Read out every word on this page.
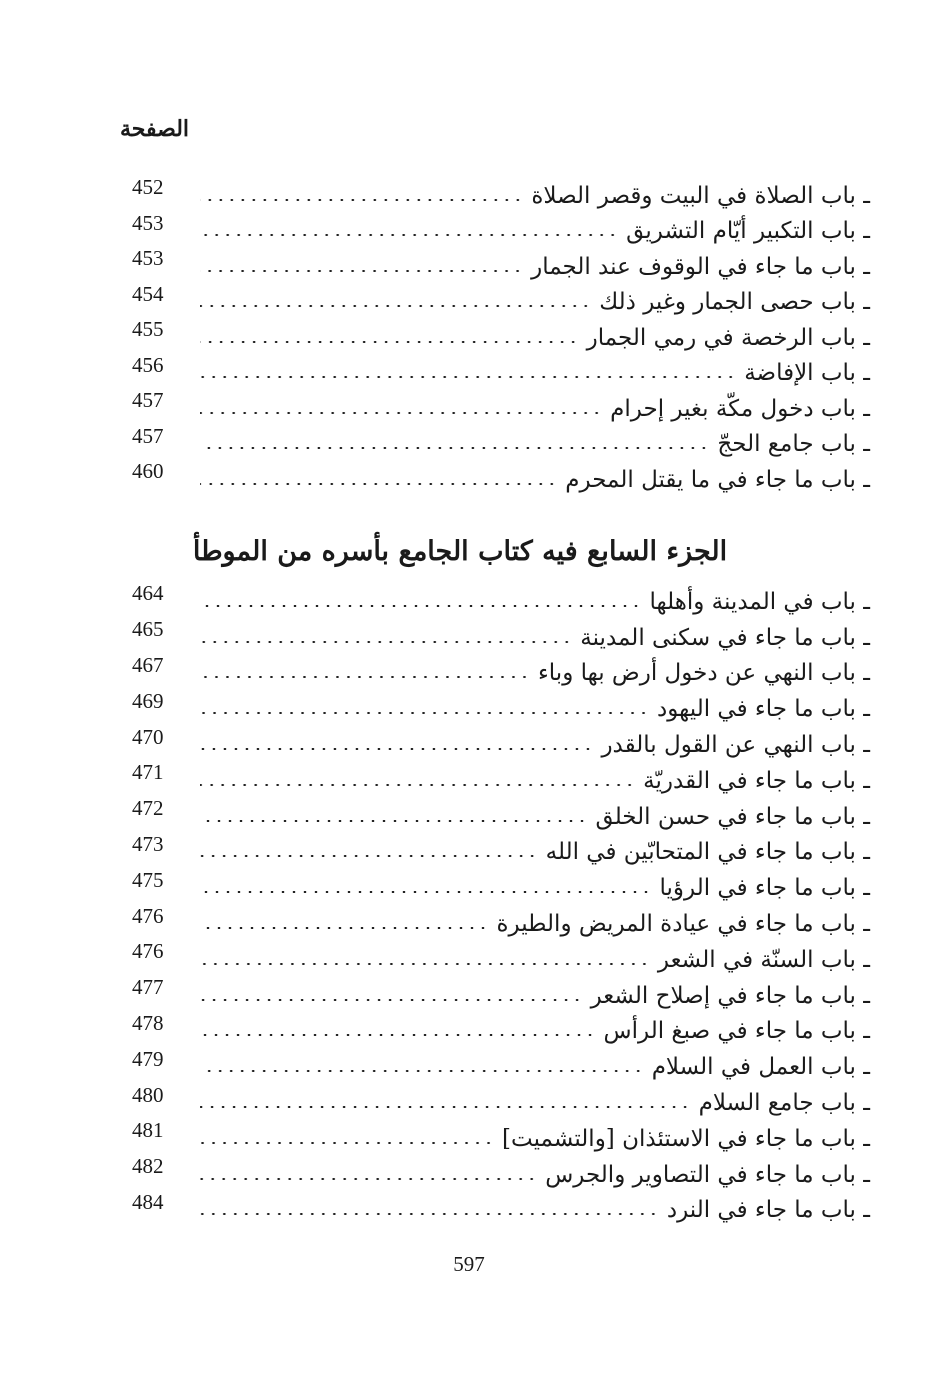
الصفحة
452	ـ باب الصلاة في البيت وقصر الصلاة
453	ـ باب التكبير أيّام التشريق
453	ـ باب ما جاء في الوقوف عند الجمار
454	ـ باب حصى الجمار وغير ذلك
455	ـ باب الرخصة في رمي الجمار
456	ـ باب الإفاضة
457	ـ باب دخول مكّة بغير إحرام
457	ـ باب جامع الحجّ
460	ـ باب ما جاء في ما يقتل المحرم
الجزء السابع فيه كتاب الجامع بأسره من الموطأ
464	ـ باب في المدينة وأهلها
465	ـ باب ما جاء في سكنى المدينة
467	ـ باب النهي عن دخول أرض بها وباء
469	ـ باب ما جاء في اليهود
470	ـ باب النهي عن القول بالقدر
471	ـ باب ما جاء في القدريّة
472	ـ باب ما جاء في حسن الخلق
473	ـ باب ما جاء في المتحابّين في الله
475	ـ باب ما جاء في الرؤيا
476	ـ باب ما جاء في عيادة المريض والطيرة
476	ـ باب السنّة في الشعر
477	ـ باب ما جاء في إصلاح الشعر
478	ـ باب ما جاء في صبغ الرأس
479	ـ باب العمل في السلام
480	ـ باب جامع السلام
481	ـ باب ما جاء في الاستئذان [والتشميت]
482	ـ باب ما جاء في التصاوير والجرس
484	ـ باب ما جاء في النرد
597
